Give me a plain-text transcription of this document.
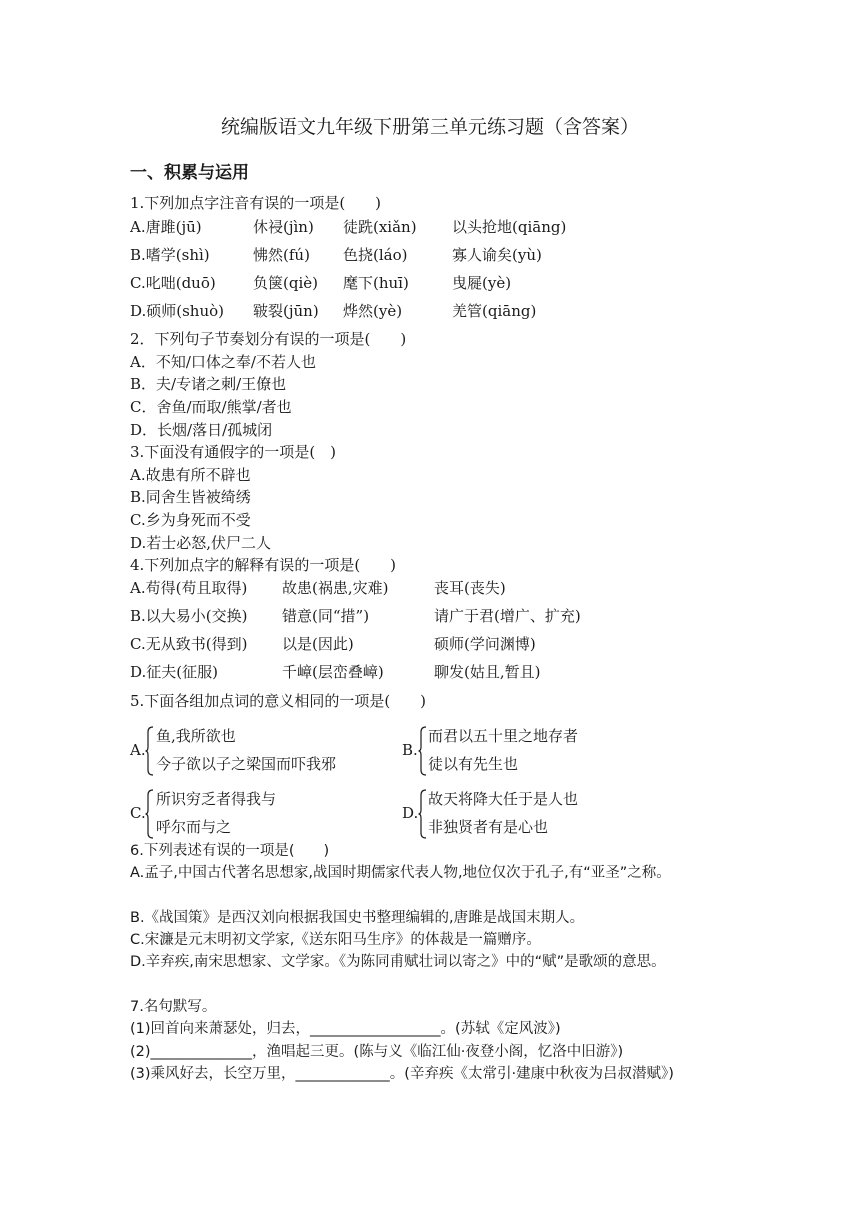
统编版语文九年级下册第三单元练习题（含答案）
一、积累与运用
1.下列加点字注音有误的一项是(　　)
A.唐雎(jū)	休祲(jìn) 徒跣(xiǎn) 以头抢地(qiāng)
B.嗜学(shì)	怫然(fú) 色挠(láo)	寡人谕矣(yù)
C.叱咄(duō) 负箧(qiè) 麾下(huī)	曳屣(yè)
D.硕师(shuò) 皲裂(jūn) 烨然(yè)	羌管(qiāng)
2．下列句子节奏划分有误的一项是(　　)
A．不知/口体之奉/不若人也
B．夫/专诸之刺/王僚也
C．舍鱼/而取/熊掌/者也
D．长烟/落日/孤城闭
3.下面没有通假字的一项是(　)
A.故患有所不辟也
B.同舍生皆被绮绣
C.乡为身死而不受
D.若士必怒,伏尸二人
4.下列加点字的解释有误的一项是(　　)
A.苟得(苟且取得) 故患(祸患,灾难)	丧耳(丧失)
B.以大易小(交换) 错意(同“措”)	请广于君(增广、扩充)
C.无从致书(得到) 以是(因此)	硕师(学问渊博)
D.征夫(征服)	千嶂(层峦叠嶂)	聊发(姑且,暂且)
5.下面各组加点词的意义相同的一项是(　　)
A.
鱼,我所欲也
今子欲以子之梁国而吓我邪
B.
而君以五十里之地存者
徒以有先生也
C.
所识穷乏者得我与
呼尔而与之
D.
故天将降大任于是人也
非独贤者有是心也
6.下列表述有误的一项是(　　)
A.孟子,中国古代著名思想家,战国时期儒家代表人物,地位仅次于孔子,有“亚圣”之称。
B.《战国策》是西汉刘向根据我国史书整理编辑的,唐雎是战国末期人。
C.宋濂是元末明初文学家,《送东阳马生序》的体裁是一篇赠序。
D.辛弃疾,南宋思想家、文学家。《为陈同甫赋壮词以寄之》中的“赋”是歌颂的意思。
7.名句默写。
(1)回首向来萧瑟处，归去，__________________。(苏轼《定风波》)
(2)______________，渔唱起三更。(陈与义《临江仙·夜登小阁，忆洛中旧游》)
(3)乘风好去，长空万里，_____________。(辛弃疾《太常引·建康中秋夜为吕叔潜赋》)
